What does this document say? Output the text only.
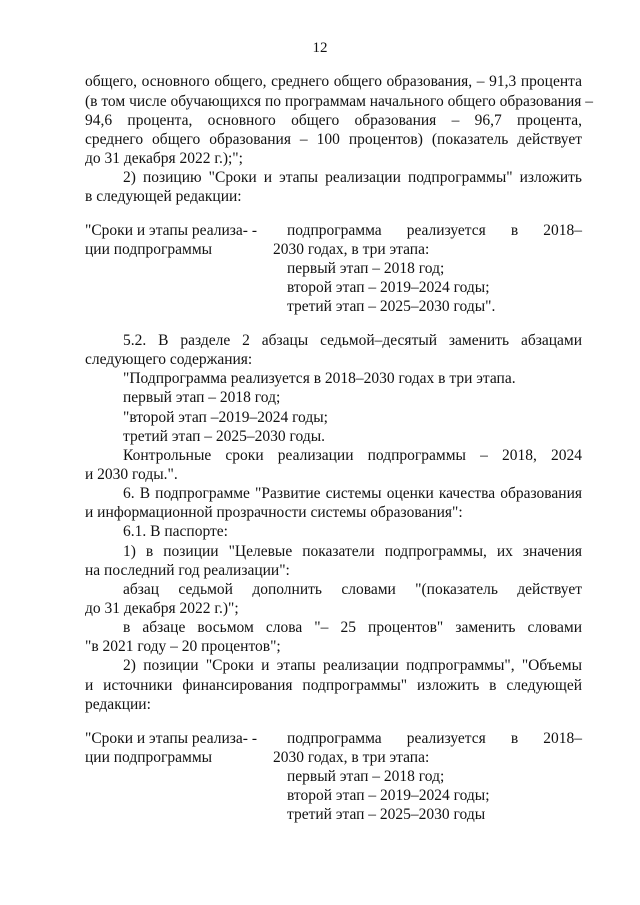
12
общего, основного общего, среднего общего образования, – 91,3 процента
(в том числе обучающихся по программам начального общего образования –
94,6 процента, основного общего образования – 96,7 процента,
среднего общего образования – 100 процентов) (показатель действует
до 31 декабря 2022 г.);";
2) позицию "Сроки и этапы реализации подпрограммы" изложить
в следующей редакции:
"Сроки и этапы реализа- -
ции подпрограммы
подпрограмма реализуется в 2018–
2030 годах, в три этапа:
первый этап – 2018 год;
второй этап – 2019–2024 годы;
третий этап – 2025–2030 годы".
5.2. В разделе 2 абзацы седьмой–десятый заменить абзацами
следующего содержания:
"Подпрограмма реализуется в 2018–2030 годах в три этапа.
первый этап – 2018 год;
"второй этап –2019–2024 годы;
третий этап – 2025–2030 годы.
Контрольные сроки реализации подпрограммы – 2018, 2024
и 2030 годы.".
6. В подпрограмме "Развитие системы оценки качества образования
и информационной прозрачности системы образования":
6.1. В паспорте:
1) в позиции "Целевые показатели подпрограммы, их значения
на последний год реализации":
абзац седьмой дополнить словами "(показатель действует
до 31 декабря 2022 г.)";
в абзаце восьмом слова "– 25 процентов" заменить словами
"в 2021 году – 20 процентов";
2) позиции "Сроки и этапы реализации подпрограммы", "Объемы
и источники финансирования подпрограммы" изложить в следующей
редакции:
"Сроки и этапы реализа- -
ции подпрограммы
подпрограмма реализуется в 2018–
2030 годах, в три этапа:
первый этап – 2018 год;
второй этап – 2019–2024 годы;
третий этап – 2025–2030 годы
